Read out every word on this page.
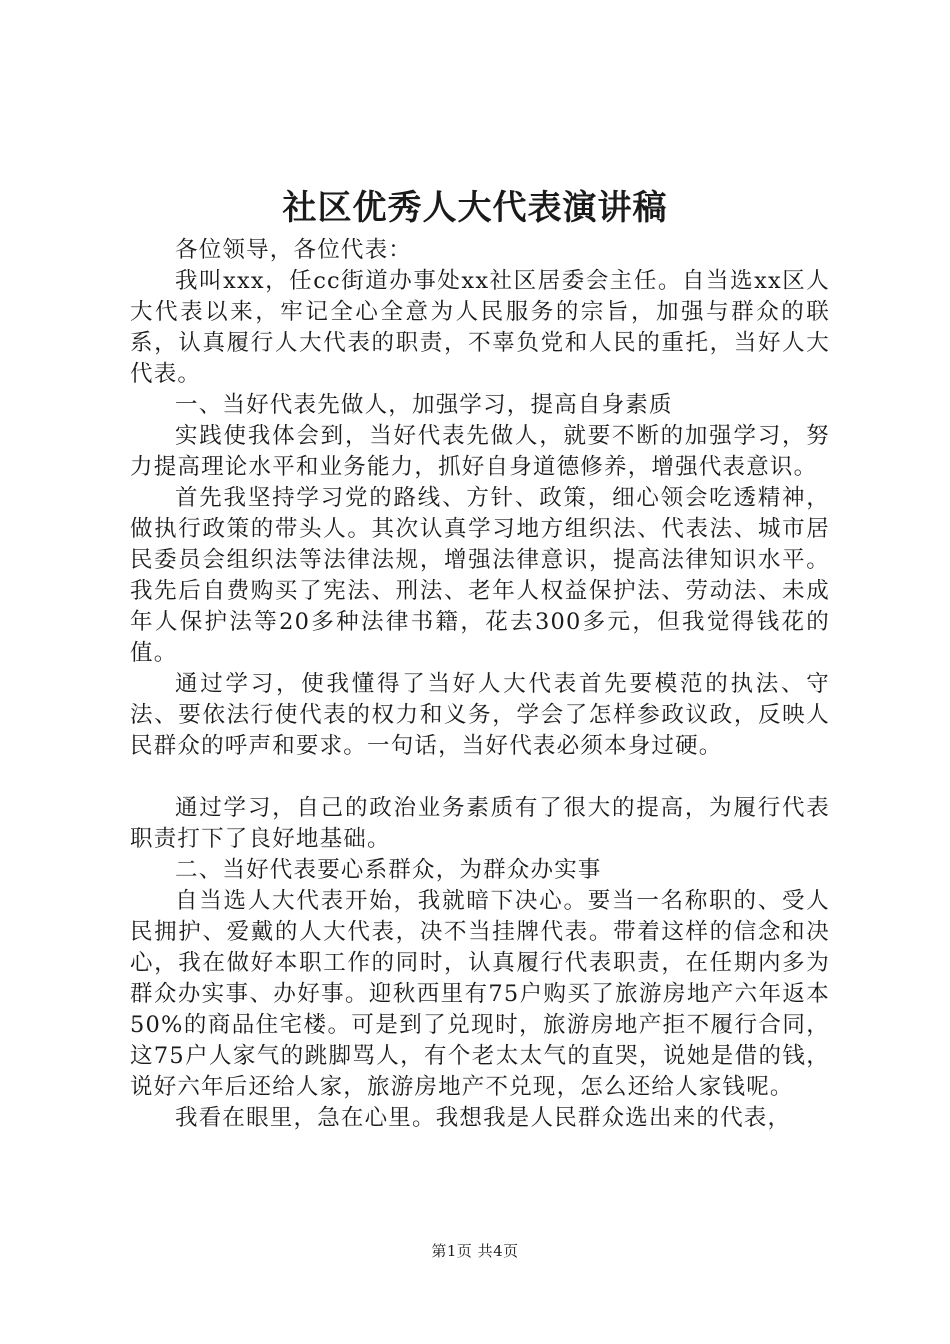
社区优秀人大代表演讲稿

各位领导，各位代表：

我叫xxx，任cc街道办事处xx社区居委会主任。自当选xx区人大代表以来，牢记全心全意为人民服务的宗旨，加强与群众的联系，认真履行人大代表的职责，不辜负党和人民的重托，当好人大代表。

一、当好代表先做人，加强学习，提高自身素质

实践使我体会到，当好代表先做人，就要不断的加强学习，努力提高理论水平和业务能力，抓好自身道德修养，增强代表意识。

首先我坚持学习党的路线、方针、政策，细心领会吃透精神，做执行政策的带头人。其次认真学习地方组织法、代表法、城市居民委员会组织法等法律法规，增强法律意识，提高法律知识水平。我先后自费购买了宪法、刑法、老年人权益保护法、劳动法、未成年人保护法等20多种法律书籍，花去300多元，但我觉得钱花的值。

通过学习，使我懂得了当好人大代表首先要模范的执法、守法、要依法行使代表的权力和义务，学会了怎样参政议政，反映人民群众的呼声和要求。一句话，当好代表必须本身过硬。

通过学习，自己的政治业务素质有了很大的提高，为履行代表职责打下了良好地基础。

二、当好代表要心系群众，为群众办实事

自当选人大代表开始，我就暗下决心。要当一名称职的、受人民拥护、爱戴的人大代表，决不当挂牌代表。带着这样的信念和决心，我在做好本职工作的同时，认真履行代表职责，在任期内多为群众办实事、办好事。迎秋西里有75户购买了旅游房地产六年返本50%的商品住宅楼。可是到了兑现时，旅游房地产拒不履行合同，这75户人家气的跳脚骂人，有个老太太气的直哭，说她是借的钱，说好六年后还给人家，旅游房地产不兑现，怎么还给人家钱呢。

我看在眼里，急在心里。我想我是人民群众选出来的代表，

第1页 共4页
